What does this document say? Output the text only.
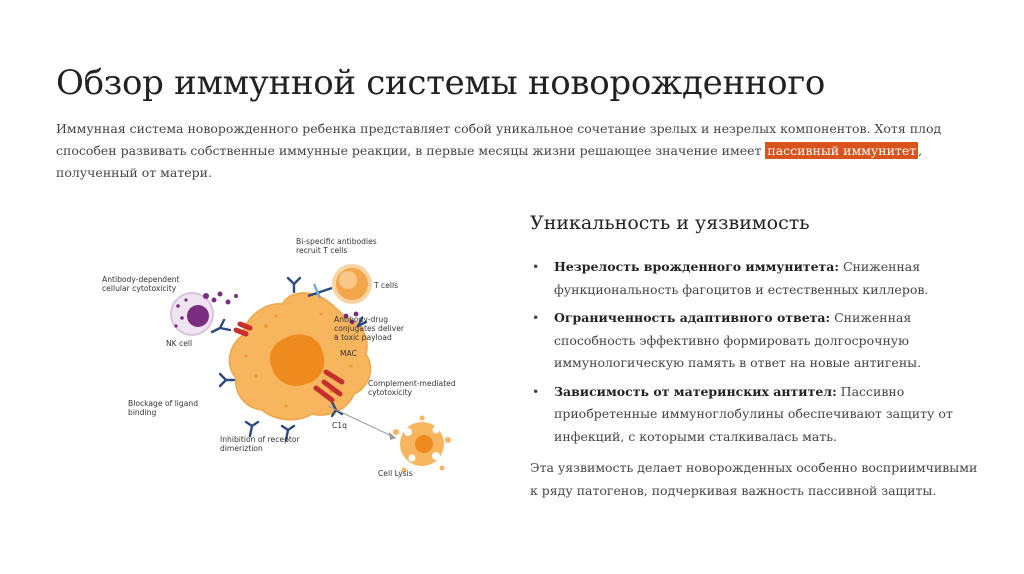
Обзор иммунной системы новорожденного

Иммунная система новорожденного ребенка представляет собой уникальное сочетание зрелых и незрелых компонентов. Хотя плод способен развивать собственные иммунные реакции, в первые месяцы жизни решающее значение имеет пассивный иммунитет , полученный от матери.

Bi-specific antibodies recruit T cells
T cells
Antibody-dependent cellular cytotoxicity
NK cell
Antibody-drug conjugates deliver a toxic payload
MAC
Complement-mediated cytotoxicity
Blockage of ligand binding
C1q
Inhibition of receptor dimeriztion
Cell Lysis
Уникальность и уязвимость
• Незрелость врожденного иммунитета: Сниженная функциональность фагоцитов и естественных киллеров.
• Ограниченность адаптивного ответа: Сниженная способность эффективно формировать долгосрочную иммунологическую память в ответ на новые антигены.
• Зависимость от материнских антител: Пассивно приобретенные иммуноглобулины обеспечивают защиту от инфекций, с которыми сталкивалась мать.

Эта уязвимость делает новорожденных особенно восприимчивыми к ряду патогенов, подчеркивая важность пассивной защиты.
